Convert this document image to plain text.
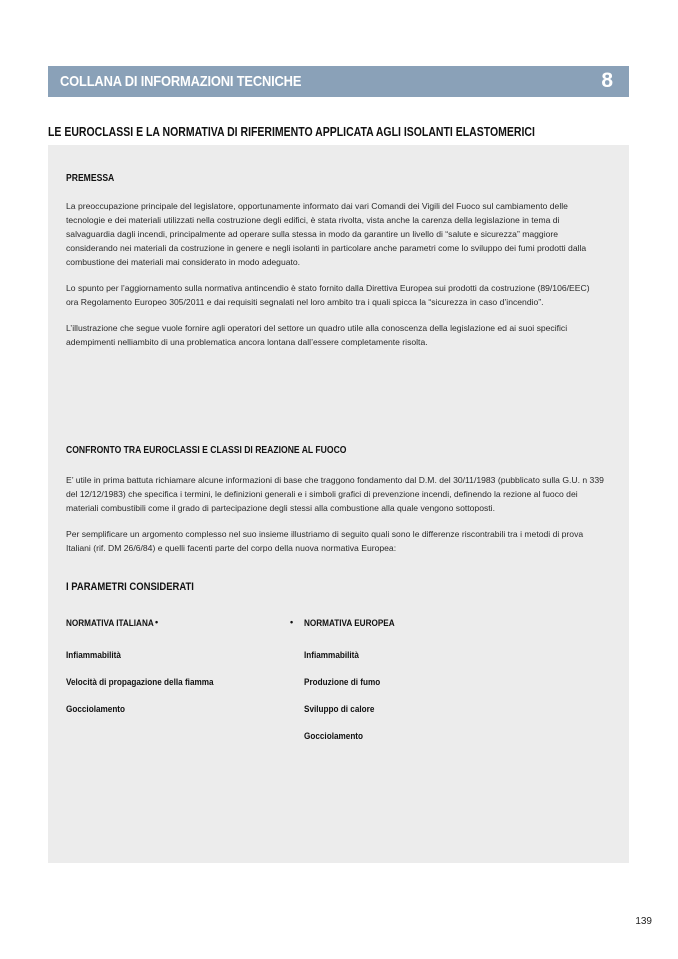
COLLANA DI INFORMAZIONI TECNICHE	8
LE EUROCLASSI E LA NORMATIVA DI RIFERIMENTO APPLICATA AGLI ISOLANTI ELASTOMERICI
PREMESSA

La preoccupazione principale del legislatore, opportunamente informato dai vari Comandi dei Vigili del Fuoco sul cambiamento delle tecnologie e dei materiali utilizzati nella costruzione degli edifici, è stata rivolta, vista anche la carenza della legislazione in tema di salvaguardia dagli incendi, principalmente ad operare sulla stessa in modo da garantire un livello di “salute e sicurezza” maggiore considerando nei materiali da costruzione in genere e negli isolanti in particolare anche parametri come lo sviluppo dei fumi prodotti dalla combustione dei materiali mai considerato in modo adeguato.

Lo spunto per l’aggiornamento sulla normativa antincendio è stato fornito dalla Direttiva Europea sui prodotti da costruzione (89/106/EEC) ora Regolamento Europeo 305/2011 e dai requisiti segnalati nel loro ambito tra i quali spicca la “sicurezza in caso d’incendio”.

L’illustrazione che segue vuole fornire agli operatori del settore un quadro utile alla conoscenza della legislazione ed ai suoi specifici adempimenti nelliambito di una problematica ancora lontana dall’essere completamente risolta.

CONFRONTO TRA EUROCLASSI E CLASSI DI REAZIONE AL FUOCO

E’ utile in prima battuta richiamare alcune informazioni di base che traggono fondamento dal D.M. del 30/11/1983 (pubblicato sulla G.U. n 339 del 12/12/1983) che specifica i termini, le definizioni generali e i simboli grafici di prevenzione incendi, definendo la rezione al fuoco dei materiali combustibili come il grado di partecipazione degli stessi alla combustione alla quale vengono sottoposti.

Per semplificare un argomento complesso nel suo insieme illustriamo di seguito quali sono le differenze riscontrabili tra i metodi di prova Italiani (rif. DM 26/6/84) e quelli facenti parte del corpo della nuova normativa Europea:

I PARAMETRI CONSIDERATI
NORMATIVA ITALIANA •
Infiammabilità
Velocità di propagazione della fiamma
Gocciolamento
• NORMATIVA EUROPEA
Infiammabilità
Produzione di fumo
Sviluppo di calore
Gocciolamento
139
